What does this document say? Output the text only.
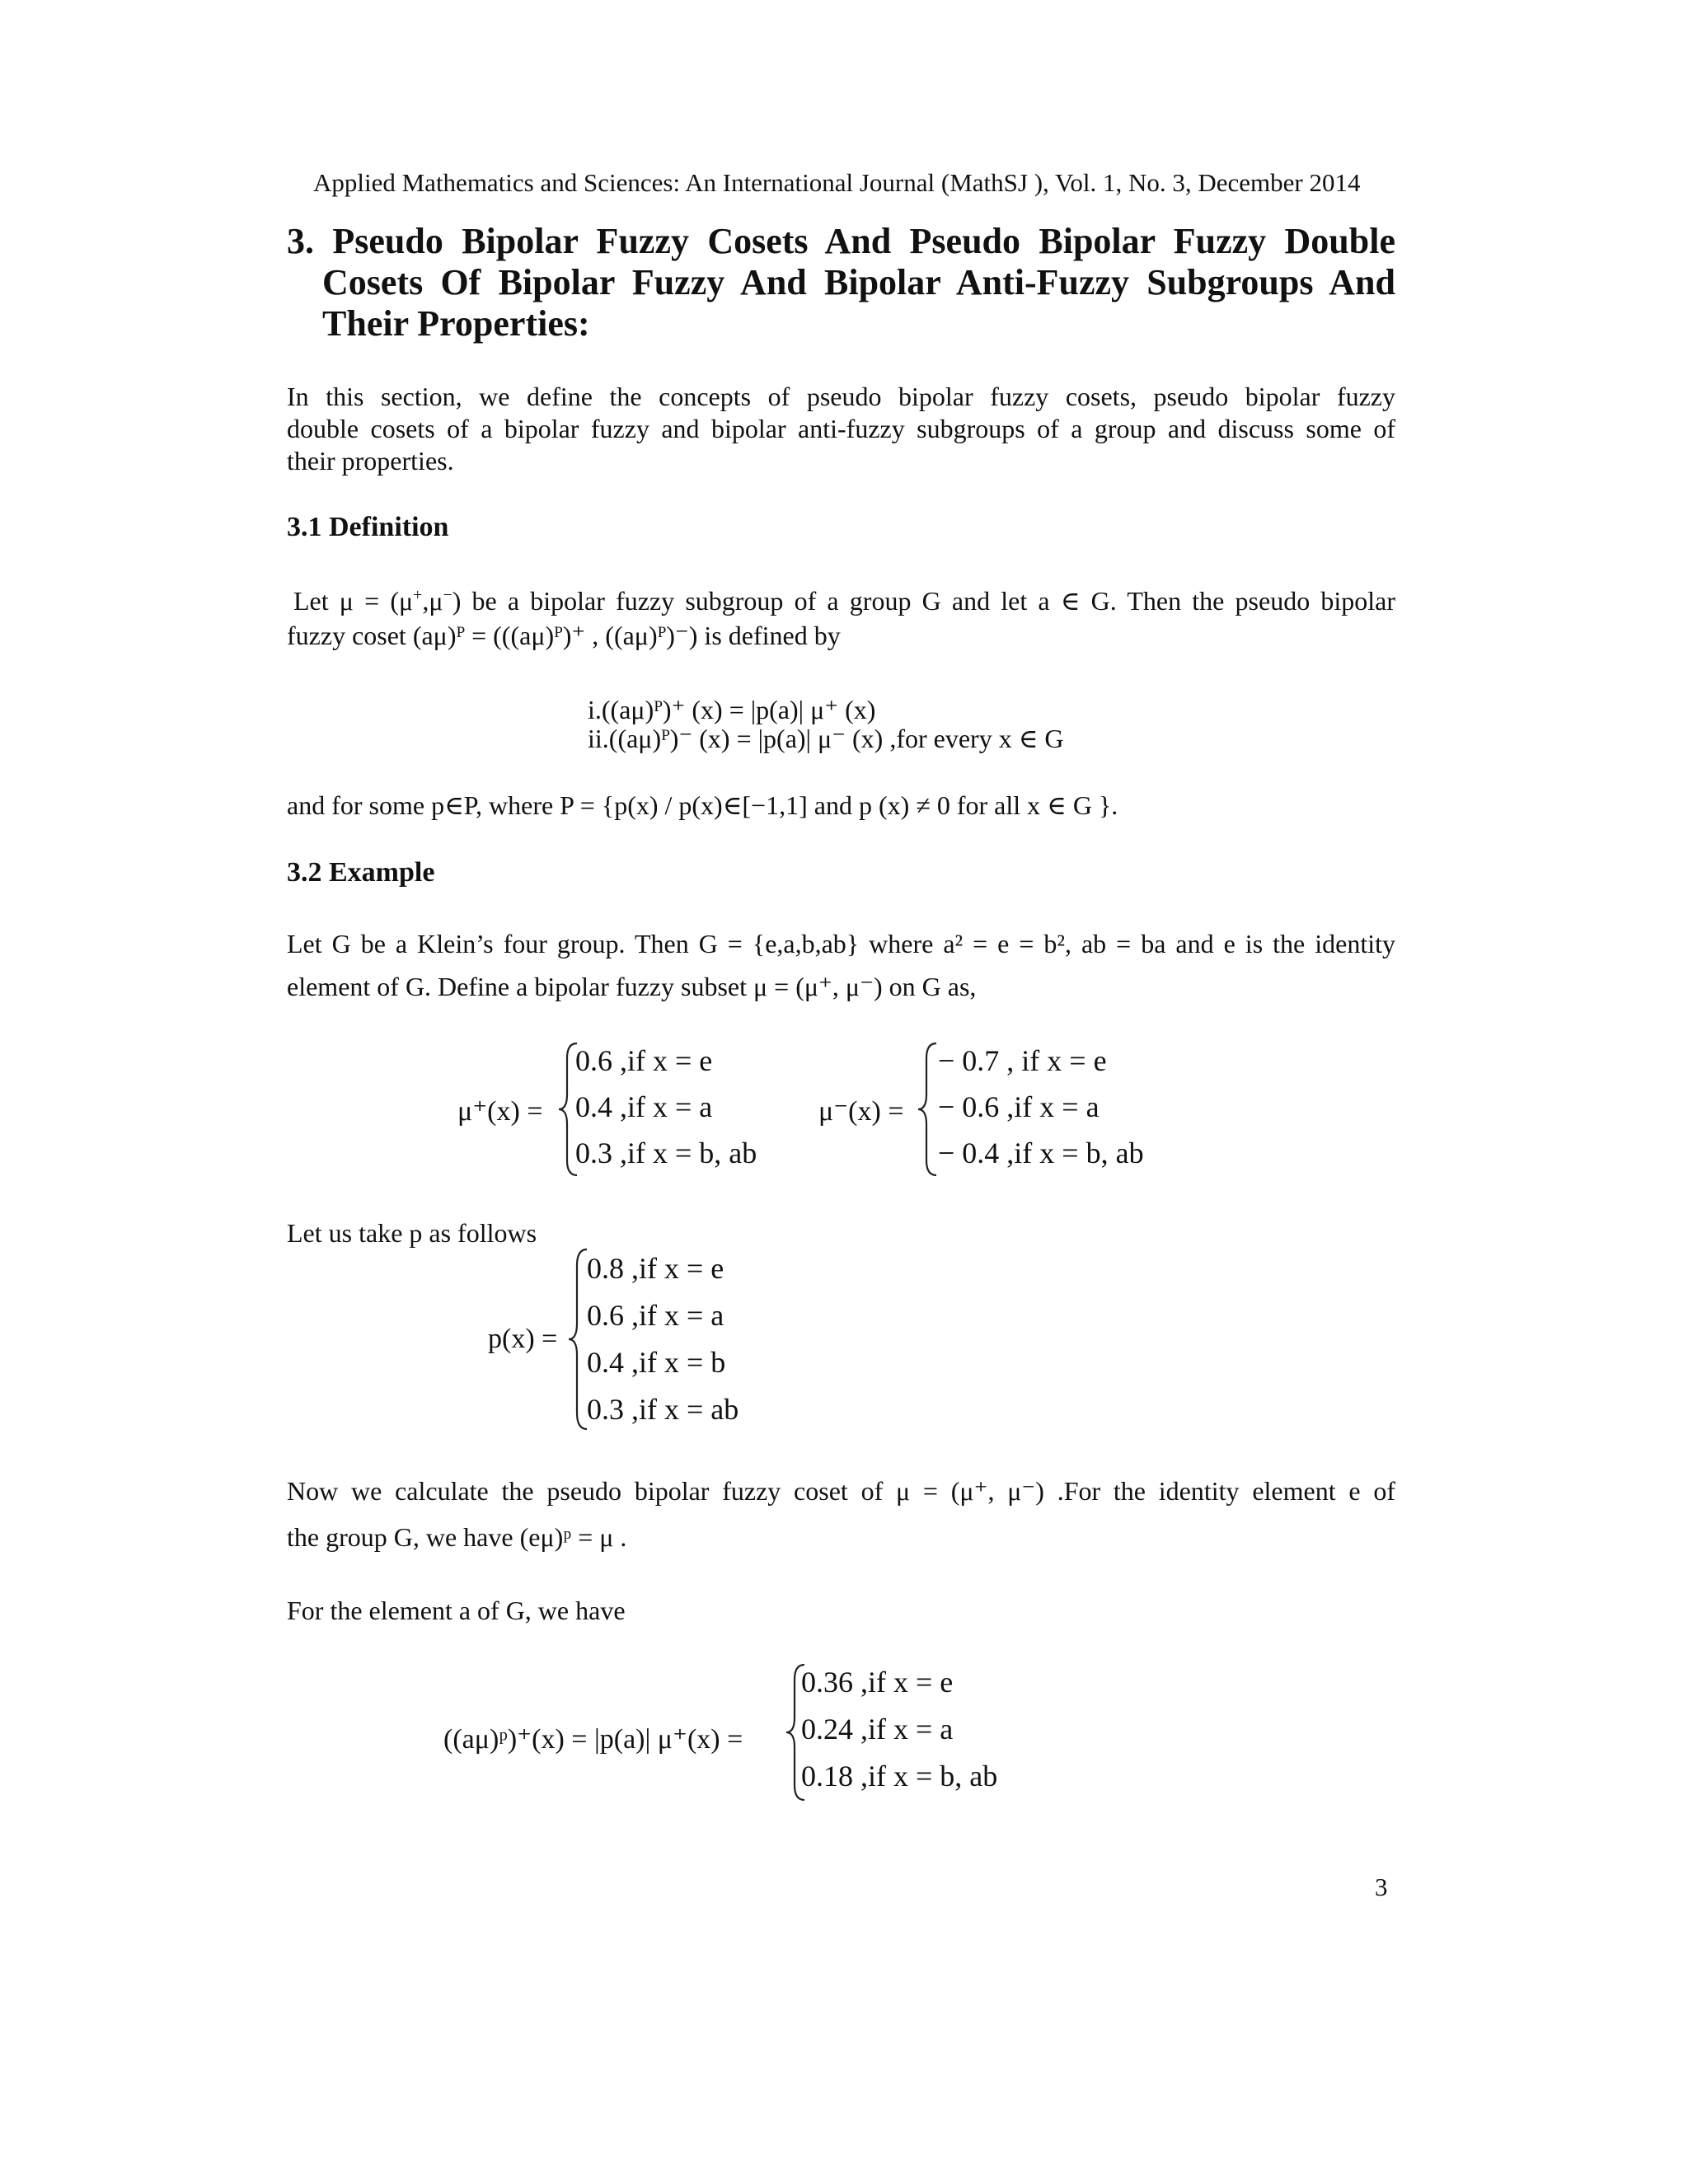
Applied Mathematics and Sciences: An International Journal (MathSJ ), Vol. 1, No. 3, December 2014
3. Pseudo Bipolar Fuzzy Cosets And Pseudo Bipolar Fuzzy Double
Cosets Of Bipolar Fuzzy And Bipolar Anti-Fuzzy Subgroups And
Their Properties:
In this section, we define the concepts of pseudo bipolar fuzzy cosets, pseudo bipolar fuzzy
double cosets of a bipolar fuzzy and bipolar anti-fuzzy subgroups of a group and discuss some of
their properties.
3.1 Definition
Let μ = (μ+,μ−) be a bipolar fuzzy subgroup of a group G and let a ∈ G. Then the pseudo bipolar
fuzzy coset (aμ)ᴾ = (((aμ)ᴾ)⁺ , ((aμ)ᴾ)⁻) is defined by
i.((aμ)ᴾ)⁺ (x) = |p(a)| μ⁺ (x)
ii.((aμ)ᴾ)⁻ (x) = |p(a)| μ⁻ (x) ,for every x ∈ G
and for some p∈P, where P = {p(x) / p(x)∈[−1,1] and p (x) ≠ 0 for all x ∈ G }.
3.2 Example
Let G be a Klein’s four group. Then G = {e,a,b,ab} where a² = e = b², ab = ba and e is the identity
element of G. Define a bipolar fuzzy subset μ = (μ⁺, μ⁻) on G as,
μ⁺(x) =
0.6 ,if x = e
0.4 ,if x = a
0.3 ,if x = b, ab
μ⁻(x) =
− 0.7 , if x = e
− 0.6 ,if x = a
− 0.4 ,if x = b, ab
Let us take p as follows
p(x) =
0.8 ,if x = e
0.6 ,if x = a
0.4 ,if x = b
0.3 ,if x = ab
Now we calculate the pseudo bipolar fuzzy coset of μ = (μ⁺, μ⁻) .For the identity element e of
the group G, we have (eμ)ᵖ = μ .
For the element a of G, we have
((aμ)ᵖ)⁺(x) = |p(a)| μ⁺(x) =
0.36 ,if x = e
0.24 ,if x = a
0.18 ,if x = b, ab
3
